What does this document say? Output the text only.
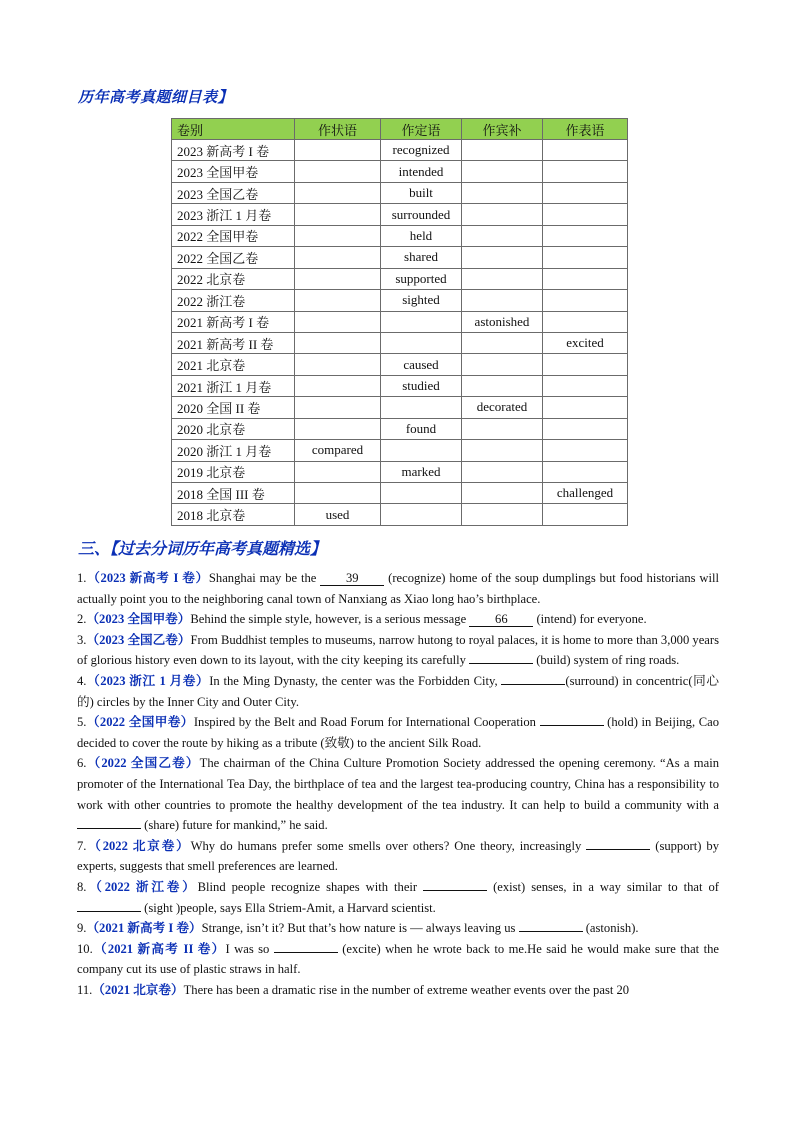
历年高考真题细目表】
卷别	作状语	作定语	作宾补	作表语
2023 新高考 I 卷		recognized		
2023 全国甲卷		intended		
2023 全国乙卷		built		
2023 浙江 1 月卷		surrounded		
2022 全国甲卷		held		
2022 全国乙卷		shared		
2022 北京卷		supported		
2022 浙江卷		sighted		
2021 新高考 I 卷			astonished	
2021 新高考 II 卷				excited
2021 北京卷		caused		
2021 浙江 1 月卷		studied		
2020 全国 II 卷			decorated	
2020 北京卷		found		
2020 浙江 1 月卷	compared			
2019 北京卷		marked		
2018 全国 III 卷				challenged
2018 北京卷	used			
三、【过去分词历年高考真题精选】

1.（2023 新高考 I 卷）Shanghai may be the 39 (recognize) home of the soup dumplings but food historians will actually point you to the neighboring canal town of Nanxiang as Xiao long hao’s birthplace.

2.（2023 全国甲卷）Behind the simple style, however, is a serious message 66 (intend) for everyone.

3.（2023 全国乙卷）From Buddhist temples to museums, narrow hutong to royal palaces, it is home to more than 3,000 years of glorious history even down to its layout, with the city keeping its carefully	(build) system of ring roads.

4.（2023 浙江 1 月卷）In the Ming Dynasty, the center was the Forbidden City,	(surround) in concentric(同心的) circles by the Inner City and Outer City.

5.（2022 全国甲卷）Inspired by the Belt and Road Forum for International Cooperation	(hold) in Beijing, Cao decided to cover the route by hiking as a tribute (致敬) to the ancient Silk Road.

6.（2022 全国乙卷）The chairman of the China Culture Promotion Society addressed the opening ceremony. “As a main promoter of the International Tea Day, the birthplace of tea and the largest tea-producing country, China has a responsibility to work with other countries to promote the healthy development of the tea industry. It can help to build a community with a  (share) future for mankind,” he said.

7.（2022 北京卷）Why do humans prefer some smells over others? One theory, increasingly	(support) by experts, suggests that smell preferences are learned.

8.（2022 浙江卷）Blind people recognize shapes with their	(exist) senses, in a way similar to that of  (sight )people, says Ella Striem-Amit, a Harvard scientist.

9.（2021 新高考 I 卷）Strange, isn’t it? But that’s how nature is — always leaving us	(astonish).

10.（2021 新高考 II 卷）I was so	(excite) when he wrote back to me.He said he would make sure that the company cut its use of plastic straws in half.

11.（2021 北京卷）There has been a dramatic rise in the number of extreme weather events over the past 20
